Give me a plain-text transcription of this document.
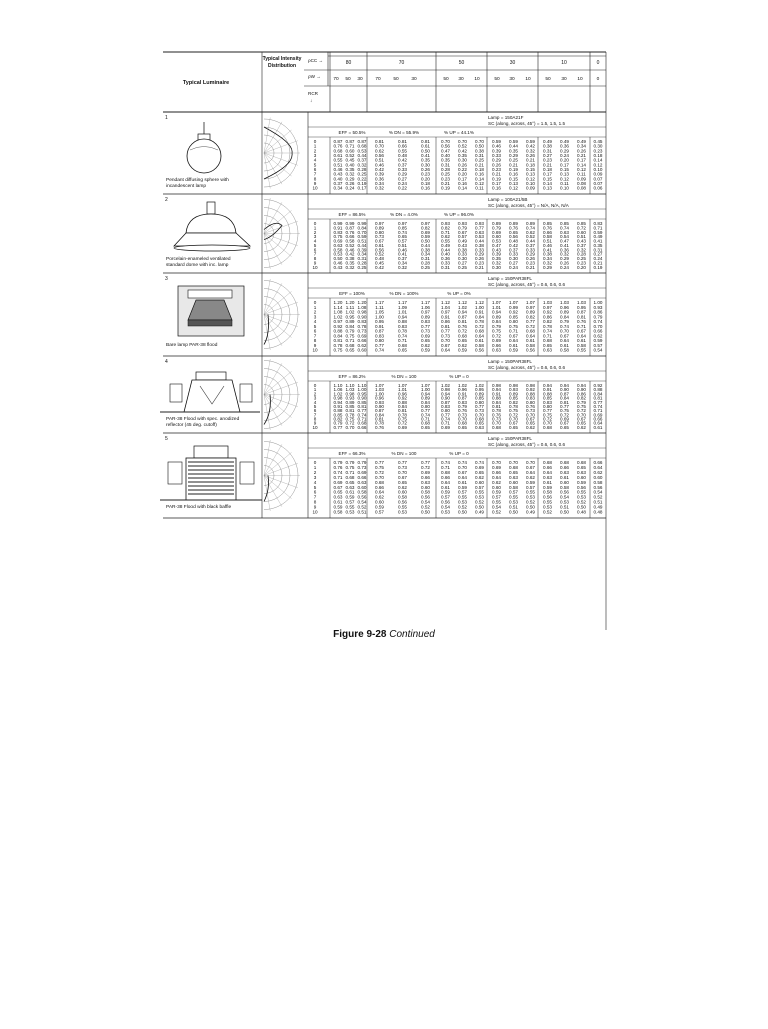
Typical Luminaire
Typical Intensity
Distribution
ρCC →
ρW →
80	70	50	30	10	0
70 50 30	70	50	30	50 30 10	50 30 10	50 30 10	0
RCR
↓
1	Lamp = 150A21F
SC (along, across, 45°) = 1.5, 1.5, 1.5
EFF = 50.5%	% DN = 55.9%	% UP = 44.1%
0	0.87 0.87 0.87 0.81	0.81	0.81 0.70 0.70 0.70 0.59 0.59 0.59 0.49 0.49 0.49 0.45
1	0.76 0.71 0.68 0.70	0.66	0.61 0.56 0.52 0.50 0.46 0.44 0.42 0.38 0.36 0.34 0.30
2	0.68 0.60 0.53 0.62	0.55	0.50 0.47 0.42 0.38 0.39 0.35 0.32 0.31 0.29 0.26 0.23
3	0.61 0.52 0.44 0.56	0.48	0.41 0.40 0.35 0.31 0.33 0.29 0.26 0.27 0.24 0.21 0.18
4	0.55 0.45 0.37 0.51	0.42	0.35 0.35 0.30 0.25 0.29 0.25 0.21 0.23 0.20 0.17 0.14
5	0.51 0.40 0.32 0.46	0.37	0.30 0.31 0.26 0.21 0.26 0.21 0.18 0.21 0.17 0.14 0.12
6	0.46 0.35 0.28 0.42	0.33	0.26 0.28 0.22 0.18 0.23 0.19 0.15 0.18 0.15 0.12 0.10
7	0.43 0.32 0.25 0.39	0.29	0.23 0.25 0.20 0.16 0.21 0.16 0.13 0.17 0.13 0.11 0.09
8	0.40 0.29 0.22 0.36	0.27	0.20 0.23 0.17 0.14 0.19 0.15 0.12 0.15 0.12 0.09 0.07
9	0.37 0.26 0.19 0.34	0.24	0.18 0.21 0.16 0.12 0.17 0.13 0.10 0.14 0.11 0.08 0.07
10	0.34 0.24 0.17 0.32	0.22	0.16 0.19 0.14 0.11 0.16 0.12 0.09 0.13 0.10 0.08 0.06
Pendant diffusing sphere with
incandescent lamp
2	Lamp = 100A21/5B
SC (along, across, 45°) = N/A, N/A, N/A
EFF = 86.5%	% DN = 4.0%	% UP = 96.0%
0	0.99 0.99 0.99 0.97	0.97	0.97 0.93 0.93 0.93 0.89 0.89 0.89 0.85 0.85 0.85 0.83
1	0.91 0.87 0.84 0.89	0.85	0.82 0.82 0.79 0.77 0.79 0.76 0.74 0.76 0.74 0.72 0.71
2	0.83 0.76 0.70 0.80	0.74	0.69 0.71 0.67 0.63 0.69 0.65 0.62 0.66 0.63 0.60 0.59
3	0.75 0.66 0.59 0.73	0.65	0.59 0.62 0.57 0.53 0.60 0.56 0.52 0.58 0.54 0.51 0.49
4	0.69 0.58 0.51 0.67	0.57	0.50 0.55 0.49 0.44 0.53 0.48 0.44 0.51 0.47 0.43 0.41
5	0.63 0.52 0.44 0.61	0.51	0.44 0.49 0.43 0.38 0.47 0.42 0.37 0.46 0.41 0.37 0.35
6	0.58 0.46 0.39 0.56	0.46	0.38 0.44 0.38 0.33 0.43 0.37 0.33 0.41 0.36 0.32 0.31
7	0.53 0.42 0.34 0.52	0.41	0.34 0.40 0.33 0.29 0.39 0.33 0.29 0.38 0.32 0.28 0.27
8	0.50 0.38 0.31 0.48	0.37	0.31 0.36 0.30 0.26 0.35 0.30 0.26 0.34 0.29 0.25 0.24
9	0.46 0.35 0.28 0.45	0.34	0.28 0.33 0.27 0.23 0.32 0.27 0.23 0.32 0.26 0.23 0.21
10	0.43 0.32 0.25 0.42	0.32	0.25 0.31 0.25 0.21 0.30 0.24 0.21 0.29 0.24 0.20 0.19
Porcelain-enameled ventilated
standard dome with inc. lamp
3	Lamp = 150PAR38FL
SC (along, across, 45°) = 0.6, 0.6, 0.6
EFF = 100%	% DN = 100%	% UP = 0%
0	1.20 1.20 1.20 1.17	1.17	1.17 1.12 1.12 1.12 1.07 1.07 1.07 1.03 1.03 1.03 1.00
1	1.14 1.11 1.08 1.11	1.09	1.06 1.04 1.02 1.00 1.01 0.99 0.97 0.97 0.96 0.95 0.93
2	1.08 1.02 0.98 1.05	1.01	0.97 0.97 0.94 0.91 0.94 0.92 0.89 0.92 0.89 0.87 0.86
3	1.02 0.95 0.90 1.00	0.94	0.89 0.91 0.87 0.84 0.89 0.85 0.82 0.86 0.84 0.81 0.79
4	0.97 0.89 0.83 0.95	0.88	0.83 0.86 0.81 0.78 0.84 0.80 0.77 0.82 0.79 0.76 0.74
5	0.92 0.84 0.78 0.91	0.83	0.77 0.81 0.76 0.72 0.79 0.75 0.72 0.78 0.74 0.71 0.70
6	0.88 0.79 0.73 0.87	0.78	0.73 0.77 0.72 0.68 0.75 0.71 0.68 0.74 0.70 0.67 0.66
7	0.84 0.75 0.69 0.83	0.74	0.69 0.73 0.68 0.64 0.72 0.67 0.64 0.71 0.67 0.64 0.62
8	0.81 0.71 0.66 0.80	0.71	0.65 0.70 0.65 0.61 0.69 0.64 0.61 0.68 0.64 0.61 0.59
9	0.78 0.68 0.62 0.77	0.68	0.62 0.67 0.62 0.58 0.66 0.61 0.58 0.65 0.61 0.58 0.57
10	0.75 0.65 0.60 0.74	0.65	0.59 0.64 0.59 0.56 0.63 0.59 0.56 0.63 0.58 0.55 0.54
Bare lamp PAR-38 flood
4	Lamp = 150PAR38FL
SC (along, across, 45°) = 0.6, 0.6, 0.6
EFF = 86.2%	% DN = 100	% UP = 0
0	1.10 1.10 1.10 1.07	1.07	1.07 1.02 1.02 1.02 0.98 0.98 0.98 0.94 0.94 0.94 0.92
1	1.06 1.03 1.00 1.03	1.01	1.00 0.98 0.96 0.95 0.94 0.93 0.92 0.91 0.90 0.90 0.88
2	1.02 0.98 0.95 1.00	0.96	0.94 0.94 0.91 0.89 0.91 0.89 0.88 0.88 0.87 0.86 0.84
3	0.98 0.93 0.90 0.96	0.92	0.89 0.90 0.87 0.85 0.88 0.85 0.83 0.85 0.84 0.82 0.81
4	0.94 0.89 0.85 0.93	0.88	0.84 0.87 0.83 0.80 0.84 0.82 0.80 0.83 0.81 0.79 0.77
5	0.91 0.85 0.81 0.90	0.84	0.80 0.83 0.79 0.77 0.81 0.78 0.76 0.80 0.77 0.75 0.74
6	0.88 0.81 0.77 0.87	0.81	0.77 0.80 0.76 0.73 0.78 0.75 0.73 0.77 0.75 0.72 0.71
7	0.85 0.78 0.74 0.84	0.78	0.74 0.77 0.73 0.70 0.76 0.72 0.70 0.75 0.72 0.70 0.69
8	0.82 0.75 0.71 0.81	0.75	0.71 0.74 0.70 0.68 0.73 0.70 0.67 0.72 0.69 0.67 0.66
9	0.79 0.72 0.68 0.78	0.72	0.68 0.71 0.68 0.65 0.70 0.67 0.65 0.70 0.67 0.65 0.64
10	0.77 0.70 0.66 0.76	0.69	0.65 0.69 0.65 0.63 0.68 0.65 0.62 0.68 0.65 0.62 0.61
PAR-38 Flood with spec. anodized
reflector (45 deg. cutoff)
5	Lamp = 150PAR38FL
SC (along, across, 45°) = 0.6, 0.6, 0.6
EFF = 66.3%	% DN = 100	% UP = 0
0	0.79 0.79 0.79 0.77	0.77	0.77 0.74 0.74 0.74 0.70 0.70 0.70 0.68 0.68 0.68 0.66
1	0.76 0.75 0.73 0.75	0.73	0.72 0.71 0.70 0.69 0.69 0.68 0.67 0.66 0.66 0.65 0.64
2	0.74 0.71 0.69 0.72	0.70	0.69 0.68 0.67 0.65 0.66 0.65 0.64 0.64 0.63 0.63 0.62
3	0.71 0.68 0.66 0.70	0.67	0.66 0.66 0.64 0.62 0.64 0.63 0.62 0.63 0.61 0.60 0.60
4	0.69 0.65 0.63 0.68	0.65	0.63 0.64 0.61 0.60 0.62 0.60 0.59 0.61 0.60 0.59 0.58
5	0.67 0.63 0.60 0.66	0.62	0.60 0.61 0.59 0.57 0.60 0.58 0.57 0.59 0.58 0.56 0.56
6	0.65 0.61 0.58 0.64	0.60	0.58 0.59 0.57 0.55 0.59 0.57 0.55 0.58 0.56 0.55 0.54
7	0.63 0.59 0.56 0.62	0.58	0.56 0.57 0.55 0.53 0.57 0.55 0.53 0.56 0.54 0.53 0.52
8	0.61 0.57 0.54 0.60	0.56	0.54 0.56 0.53 0.52 0.55 0.53 0.52 0.55 0.53 0.52 0.51
9	0.59 0.55 0.52 0.59	0.55	0.52 0.54 0.52 0.50 0.54 0.51 0.50 0.53 0.51 0.50 0.49
10	0.58 0.53 0.51 0.57	0.53	0.50 0.53 0.50 0.49 0.52 0.50 0.49 0.52 0.50 0.48 0.48
PAR-38 Flood with black baffle
Figure 9-28 Continued
